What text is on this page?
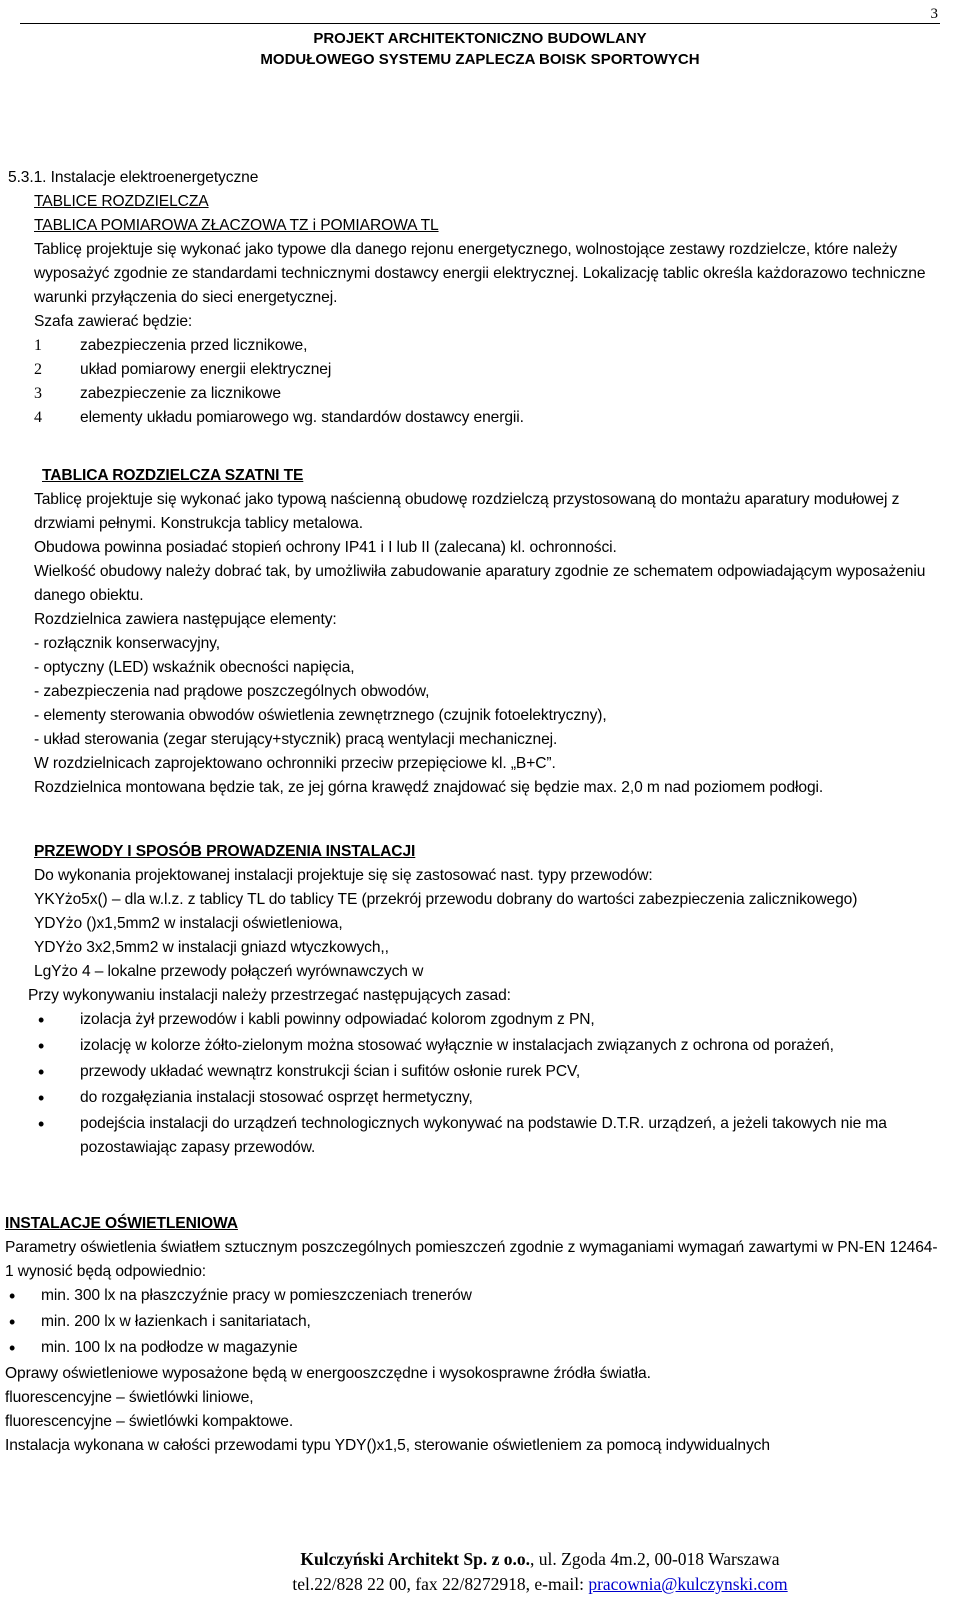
3
PROJEKT ARCHITEKTONICZNO BUDOWLANY
MODUŁOWEGO SYSTEMU ZAPLECZA BOISK SPORTOWYCH

5.3.1. Instalacje elektroenergetyczne

TABLICE ROZDZIELCZA

TABLICA POMIAROWA ZŁACZOWA TZ i POMIAROWA TL

Tablicę projektuje się wykonać jako typowe dla danego rejonu energetycznego, wolnostojące zestawy rozdzielcze, które należy wyposażyć zgodnie ze standardami technicznymi dostawcy energii elektrycznej. Lokalizację tablic określa każdorazowo techniczne warunki przyłączenia do sieci energetycznej.

Szafa zawierać będzie:

1	zabezpieczenia przed licznikowe,
2	układ pomiarowy energii elektrycznej
3	zabezpieczenie za licznikowe
4	elementy układu pomiarowego wg. standardów dostawcy energii.

TABLICA ROZDZIELCZA SZATNI TE

Tablicę projektuje się wykonać jako typową naścienną obudowę rozdzielczą przystosowaną do montażu aparatury modułowej z drzwiami pełnymi. Konstrukcja tablicy metalowa.

Obudowa powinna posiadać stopień ochrony IP41 i I lub II (zalecana) kl. ochronności.

Wielkość obudowy należy dobrać tak, by umożliwiła zabudowanie aparatury zgodnie ze schematem odpowiadającym wyposażeniu danego obiektu.

Rozdzielnica zawiera następujące elementy:

- rozłącznik konserwacyjny,

- optyczny (LED) wskaźnik obecności napięcia,

- zabezpieczenia nad prądowe poszczególnych obwodów,

- elementy sterowania obwodów oświetlenia zewnętrznego (czujnik fotoelektryczny),

- układ sterowania (zegar sterujący+stycznik) pracą wentylacji mechanicznej.

W rozdzielnicach zaprojektowano ochronniki przeciw przepięciowe kl. „B+C”.

Rozdzielnica montowana będzie tak, ze jej górna krawędź znajdować się będzie max. 2,0 m nad poziomem podłogi.

PRZEWODY I SPOSÓB PROWADZENIA INSTALACJI

Do wykonania projektowanej instalacji projektuje się się zastosować nast. typy przewodów:

YKYżo5x() – dla w.l.z. z tablicy TL do tablicy TE (przekrój przewodu dobrany do wartości zabezpieczenia zalicznikowego)

YDYżo ()x1,5mm2 w instalacji oświetleniowa,

YDYżo 3x2,5mm2 w instalacji gniazd wtyczkowych,,

LgYżo 4 – lokalne przewody połączeń wyrównawczych w

Przy wykonywaniu instalacji należy przestrzegać następujących zasad:

•
izolacja żył przewodów i kabli powinny odpowiadać kolorom zgodnym z PN,
•
izolację w kolorze żółto-zielonym można stosować wyłącznie w instalacjach związanych z ochrona od porażeń,
•
przewody układać wewnątrz konstrukcji ścian i sufitów osłonie rurek PCV,
•
do rozgałęziania instalacji stosować osprzęt hermetyczny,
•
podejścia instalacji do urządzeń technologicznych wykonywać na podstawie D.T.R. urządzeń, a jeżeli takowych nie ma pozostawiając zapasy przewodów.

INSTALACJE OŚWIETLENIOWA

Parametry oświetlenia światłem sztucznym poszczególnych pomieszczeń zgodnie z wymaganiami wymagań zawartymi w PN-EN 12464-1 wynosić będą odpowiednio:

•
min. 300 lx na płaszczyźnie pracy w pomieszczeniach trenerów
•
min. 200 lx w łazienkach i sanitariatach,
•
min. 100 lx na podłodze w magazynie

Oprawy oświetleniowe wyposażone będą w energooszczędne i wysokosprawne źródła światła.

fluorescencyjne – świetlówki liniowe,

fluorescencyjne – świetlówki kompaktowe.

Instalacja wykonana w całości przewodami typu YDY()x1,5, sterowanie oświetleniem za pomocą indywidualnych

Kulczyński Architekt Sp. z o.o., ul. Zgoda 4m.2, 00-018 Warszawa
tel.22/828 22 00, fax 22/8272918, e-mail: pracownia@kulczynski.com
